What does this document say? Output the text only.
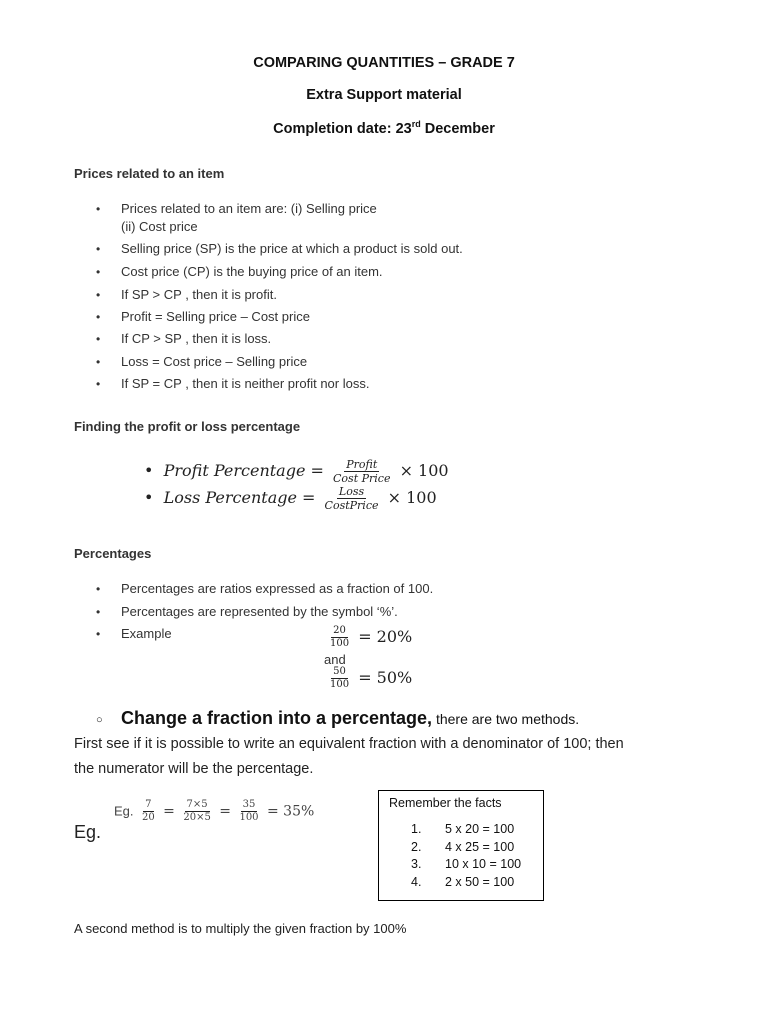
COMPARING QUANTITIES – GRADE 7
Extra Support material
Completion date: 23rd December
Prices related to an item
• Prices related to an item are: (i) Selling price
(ii) Cost price
• Selling price (SP) is the price at which a product is sold out.
• Cost price (CP) is the buying price of an item.
• If SP > CP , then it is profit.
• Profit = Selling price – Cost price
• If CP > SP , then it is loss.
• Loss = Cost price – Selling price
• If SP = CP , then it is neither profit nor loss.
Finding the profit or loss percentage
• Profit Percentage = $\frac{\text{Profit}}{\text{Cost Price}} \times 100$
• Loss Percentage = $\frac{\text{Loss}}{\text{CostPrice}} \times 100$
Percentages
• Percentages are ratios expressed as a fraction of 100.
• Percentages are represented by the symbol ‘%’.
• Example	$\frac{20}{100} = 20\%$
and
$\frac{50}{100} = 50\%$
○ Change a fraction into a percentage, there are two methods.
First see if it is possible to write an equivalent fraction with a denominator of 100; then
the numerator will be the percentage.
Eg. $\frac{7}{20} = \frac{7\times 5}{20\times 5} = \frac{35}{100} = 35\%$
Eg.
Remember the facts
1. 5 x 20 = 100
2. 4 x 25 = 100
3. 10 x 10 = 100
4. 2 x 50 = 100
A second method is to multiply the given fraction by 100%
